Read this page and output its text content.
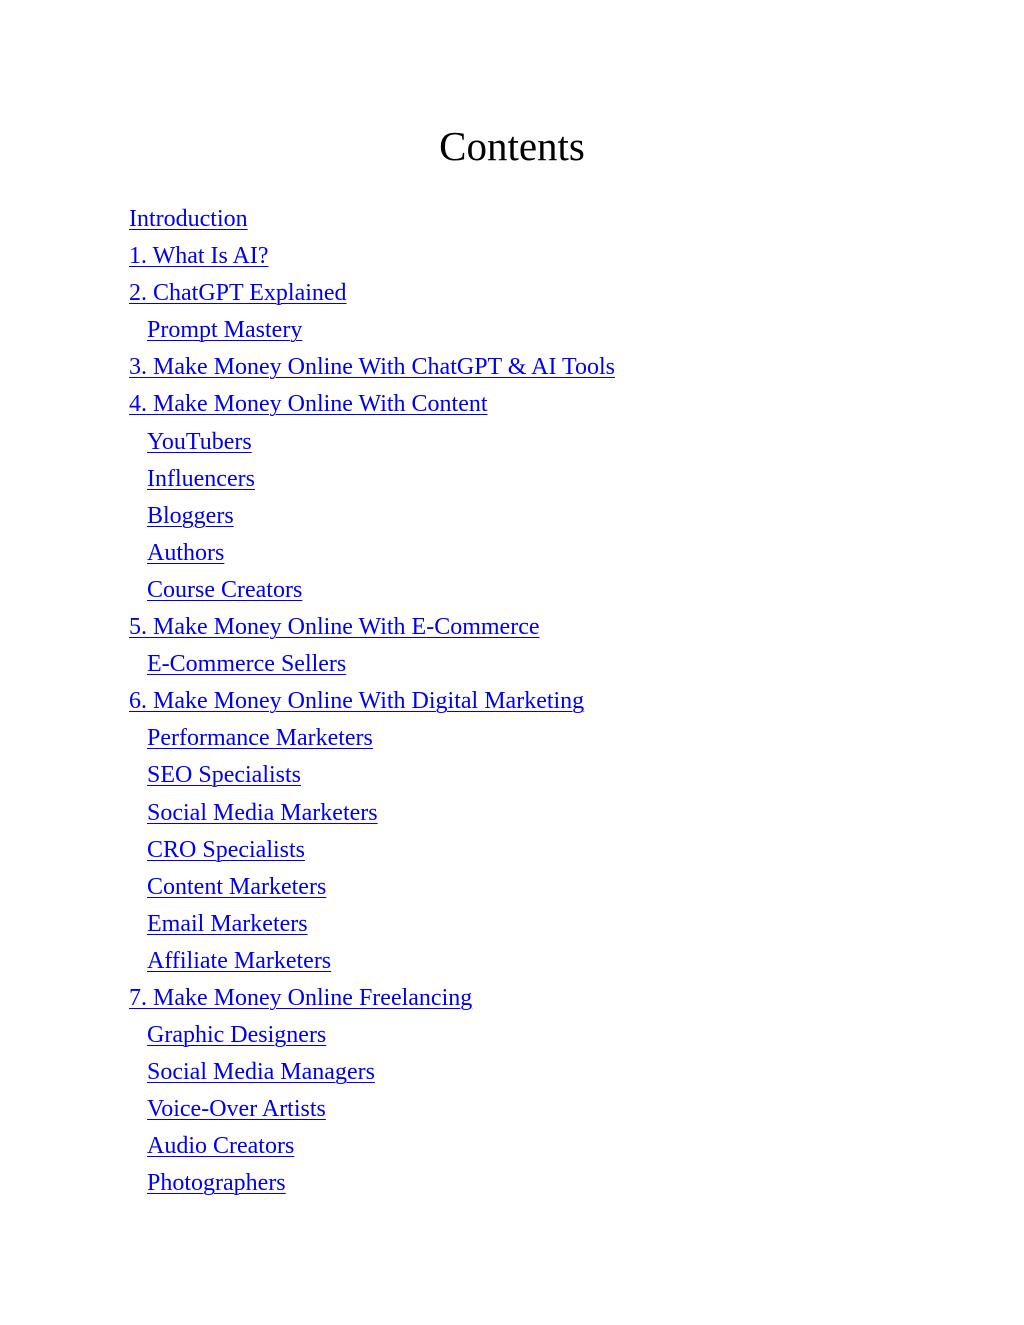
Contents
Introduction
1. What Is AI?
2. ChatGPT Explained
Prompt Mastery
3. Make Money Online With ChatGPT & AI Tools
4. Make Money Online With Content
YouTubers
Influencers
Bloggers
Authors
Course Creators
5. Make Money Online With E-Commerce
E-Commerce Sellers
6. Make Money Online With Digital Marketing
Performance Marketers
SEO Specialists
Social Media Marketers
CRO Specialists
Content Marketers
Email Marketers
Affiliate Marketers
7. Make Money Online Freelancing
Graphic Designers
Social Media Managers
Voice-Over Artists
Audio Creators
Photographers
